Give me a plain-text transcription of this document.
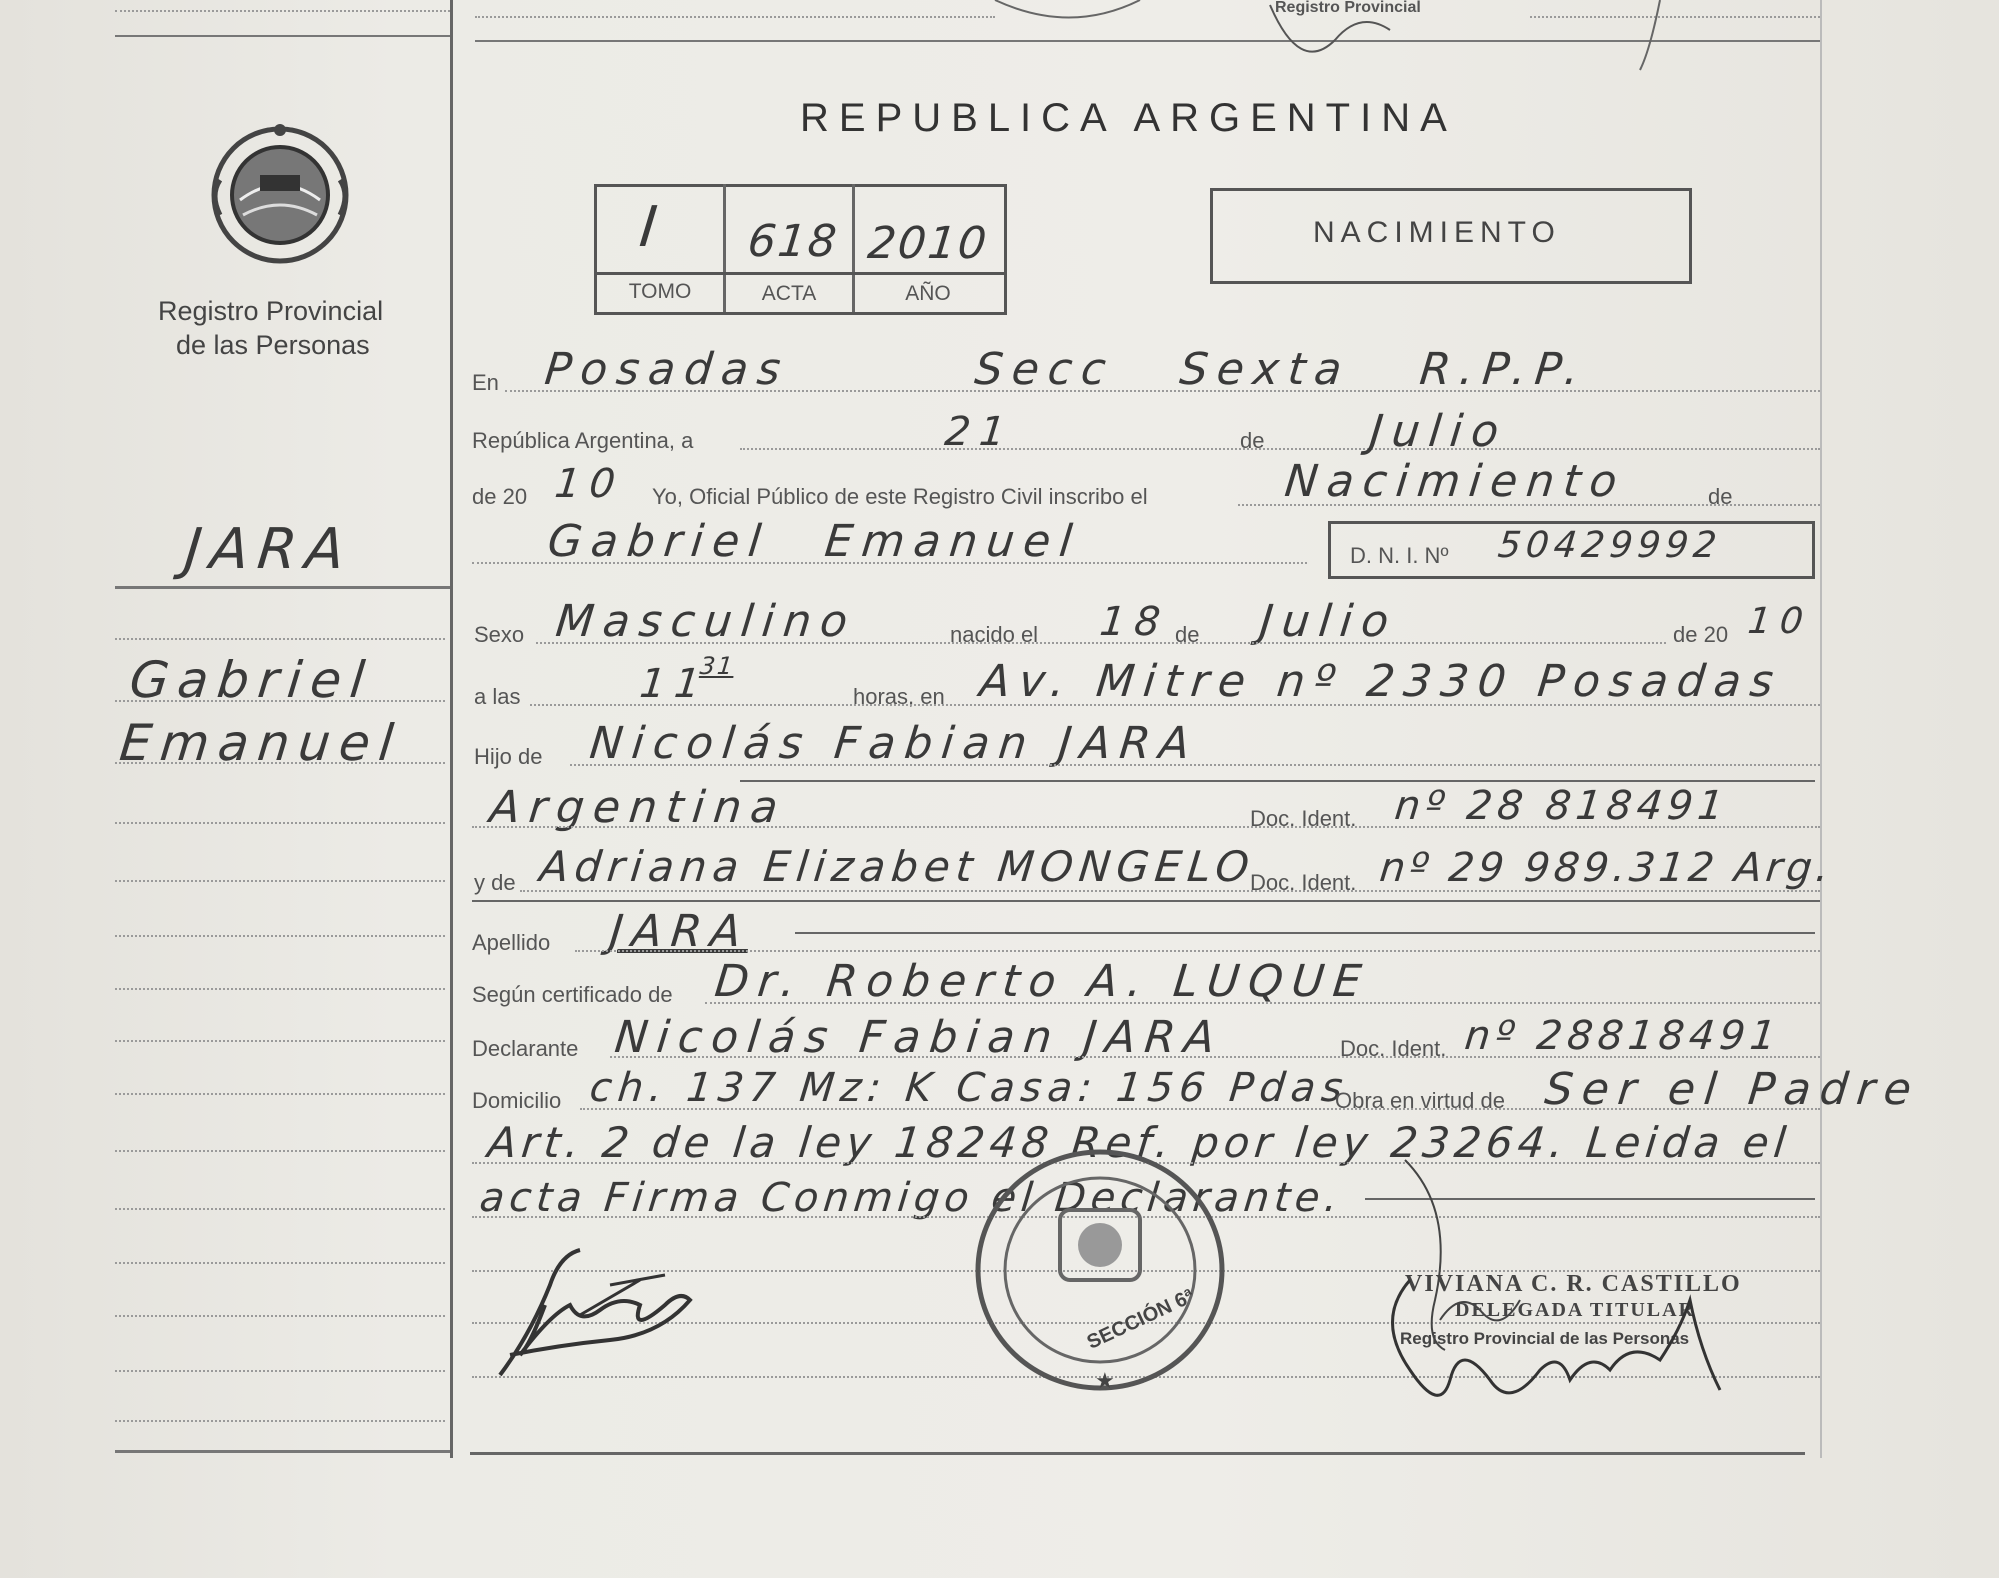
Registro Provincial
Registro Provincial
de las Personas
JARA
Gabriel
Emanuel
REPUBLICA ARGENTINA
I 618 2010
TOMO	ACTA	AÑO
NACIMIENTO
En Posadas	Secc Sexta R.P.P.
República Argentina, a	de
21	Julio
de 20 10 Yo, Oficial Público de este Registro Civil inscribo el	de
Nacimiento
Gabriel Emanuel	D. N. I. Nº 50429992
Sexo Masculino	nacido el 18 de Julio	de 20 10
a las	11
31
horas, en Av. Mitre nº 2330 Posadas
Hijo de Nicolás Fabian JARA
Argentina	Doc. Ident. nº 28 818491
y de Adriana Elizabet MONGELO
Doc. Ident. nº 29 989.312 Arg.
Apellido JARA
Según certificado de Dr. Roberto A. LUQUE
Declarante Nicolás Fabian JARA	Doc. Ident. nº 28818491
Domicilio ch. 137 Mz: K Casa: 156 Pdas
Obra en virtud de Ser el Padre
Art. 2 de la ley 18248 Ref. por ley 23264. Leida el
acta Firma Conmigo el Declarante.
SECCIÓN 6ª
★
VIVIANA C. R. CASTILLO
DELEGADA TITULAR
Registro Provincial de las Personas
